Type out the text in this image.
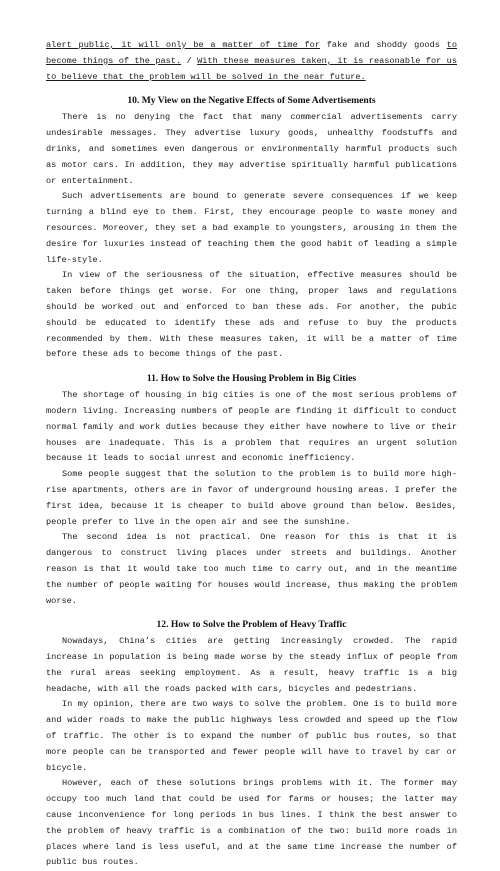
alert public, it will only be a matter of time for fake and shoddy goods to become things of the past. / With these measures taken, it is reasonable for us to believe that the problem will be solved in the near future.

10. My View on the Negative Effects of Some Advertisements

There is no denying the fact that many commercial advertisements carry undesirable messages. They advertise luxury goods, unhealthy foodstuffs and drinks, and sometimes even dangerous or environmentally harmful products such as motor cars. In addition, they may advertise spiritually harmful publications or entertainment.

Such advertisements are bound to generate severe consequences if we keep turning a blind eye to them. First, they encourage people to waste money and resources. Moreover, they set a bad example to youngsters, arousing in them the desire for luxuries instead of teaching them the good habit of leading a simple life-style.

In view of the seriousness of the situation, effective measures should be taken before things get worse. For one thing, proper laws and regulations should be worked out and enforced to ban these ads. For another, the pubic should be educated to identify these ads and refuse to buy the products recommended by them. With these measures taken, it will be a matter of time before these ads to become things of the past.

11. How to Solve the Housing Problem in Big Cities

The shortage of housing in big cities is one of the most serious problems of modern living. Increasing numbers of people are finding it difficult to conduct normal family and work duties because they either have nowhere to live or their houses are inadequate. This is a problem that requires an urgent solution because it leads to social unrest and economic inefficiency.

Some people suggest that the solution to the problem is to build more high-rise apartments, others are in favor of underground housing areas. I prefer the first idea, because it is cheaper to build above ground than below. Besides, people prefer to live in the open air and see the sunshine.

The second idea is not practical. One reason for this is that it is dangerous to construct living places under streets and buildings. Another reason is that it would take too much time to carry out, and in the meantime the number of people waiting for houses would increase, thus making the problem worse.

12. How to Solve the Problem of Heavy Traffic

Nowadays, China’s cities are getting increasingly crowded. The rapid increase in population is being made worse by the steady influx of people from the rural areas seeking employment. As a result, heavy traffic is a big headache, with all the roads packed with cars, bicycles and pedestrians.

In my opinion, there are two ways to solve the problem. One is to build more and wider roads to make the public highways less crowded and speed up the flow of traffic. The other is to expand the number of public bus routes, so that more people can be transported and fewer people will have to travel by car or bicycle.

However, each of these solutions brings problems with it. The former may occupy too much land that could be used for farms or houses; the latter may cause inconvenience for long periods in bus lines. I think the best answer to the problem of heavy traffic is a combination of the two: build more roads in places where land is less useful, and at the same time increase the number of public bus routes.
